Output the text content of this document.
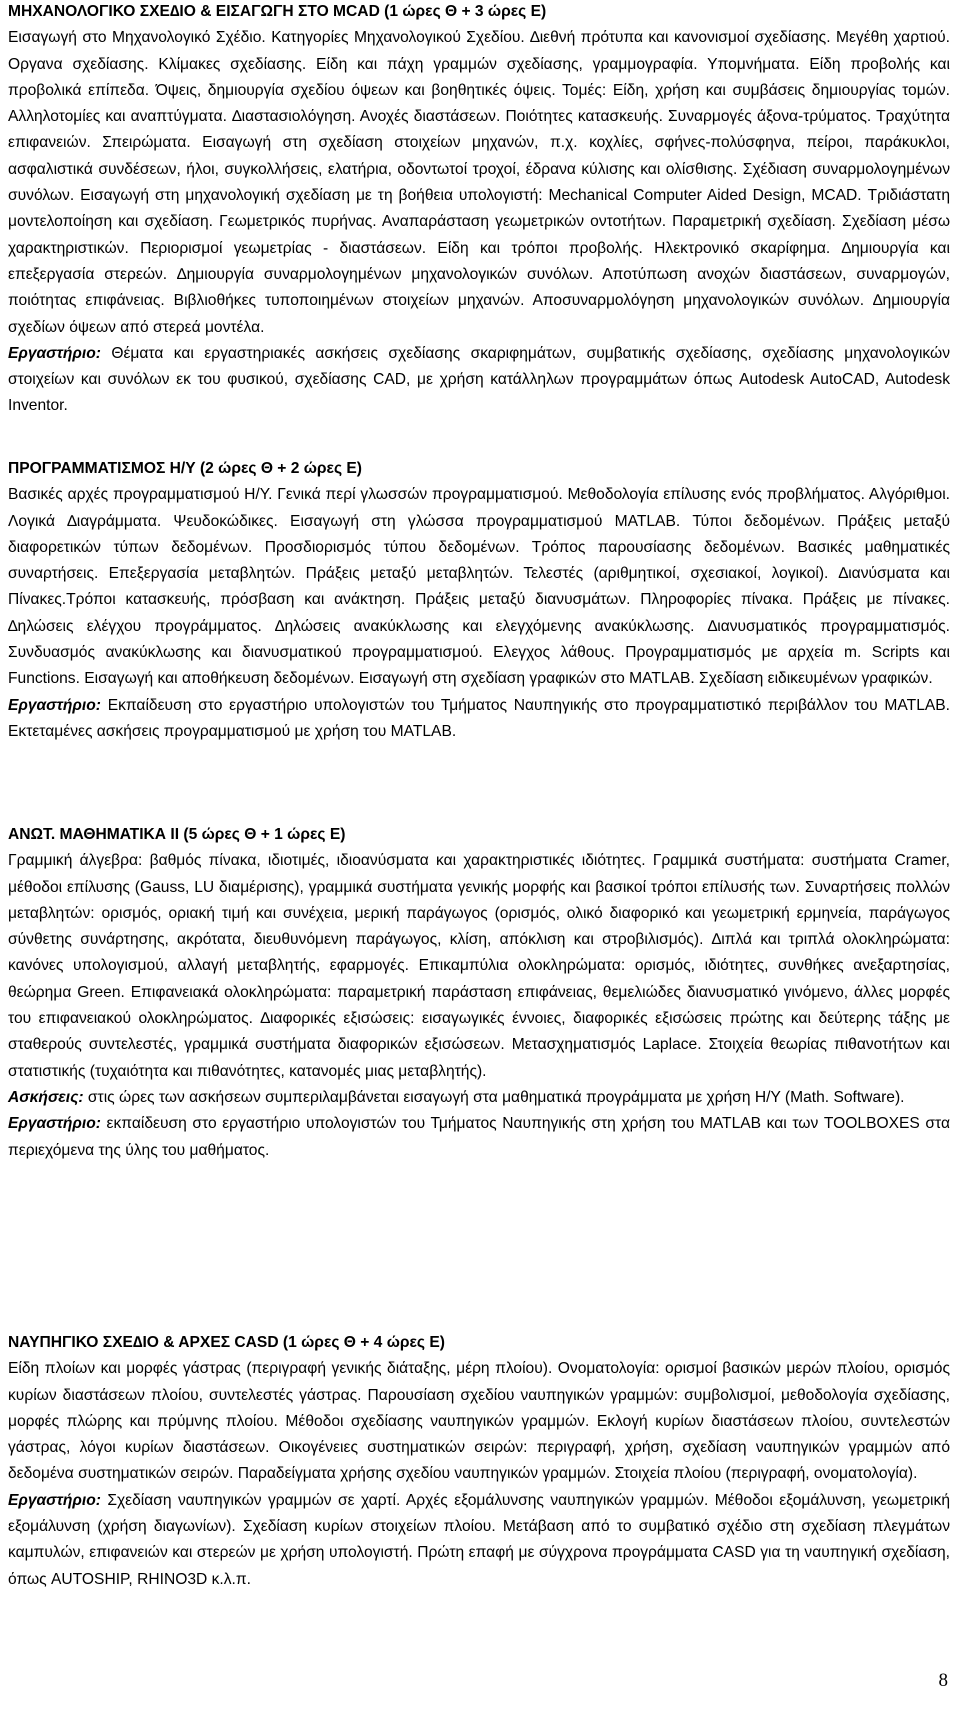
ΜΗΧΑΝΟΛΟΓΙΚΟ ΣΧΕ∆ΙΟ & ΕΙΣΑΓΩΓΗ ΣΤΟ MCAD (1 ώρες Θ + 3 ώρες Ε)
Εισαγωγή στο Μηχανολογικό Σχέδιο. Κατηγορίες Μηχανολογικού Σχεδίου. ∆ιεθνή πρότυπα και κανονισμοί σχεδίασης. Μεγέθη χαρτιού. Οργανα σχεδίασης. Κλίμακες σχεδίασης. Είδη και πάχη γραμμών σχεδίασης, γραμμογραφία. Υπομνήματα. Είδη προβολής και προβολικά επίπεδα. Όψεις, δημιουργία σχεδίου όψεων και βοηθητικές όψεις. Τομές: Είδη, χρήση και συμβάσεις δημιουργίας τομών. Αλληλοτομίες και αναπτύγματα. ∆ιαστασιολόγηση. Ανοχές διαστάσεων. Ποιότητες κατασκευής. Συναρμογές άξονα-τρύματος. Τραχύτητα επιφανειών. Σπειρώματα. Εισαγωγή στη σχεδίαση στοιχείων μηχανών, π.χ. κοχλίες, σφήνες-πολύσφηνα, πείροι, παράκυκλοι, ασφαλιστικά συνδέσεων, ήλοι, συγκολλήσεις, ελατήρια, οδοντωτοί τροχοί, έδρανα κύλισης και ολίσθισης. Σχέδιαση συναρμολογημένων συνόλων. Εισαγωγή στη μηχανολογική σχεδίαση με τη βοήθεια υπολογιστή: Mechanical Computer Aided Design, MCAD. Τριδιάστατη μοντελοποίηση και σχεδίαση. Γεωμετρικός πυρήνας. Αναπαράσταση γεωμετρικών οντοτήτων. Παραμετρική σχεδίαση. Σχεδίαση μέσω χαρακτηριστικών. Περιορισμοί γεωμετρίας - διαστάσεων. Είδη και τρόποι προβολής. Ηλεκτρονικό σκαρίφημα. ∆ημιουργία και επεξεργασία στερεών. ∆ημιουργία συναρμολογημένων μηχανολογικών συνόλων. Αποτύπωση ανοχών διαστάσεων, συναρμογών, ποιότητας επιφάνειας. Βιβλιοθήκες τυποποιημένων στοιχείων μηχανών. Αποσυναρμολόγηση μηχανολογικών συνόλων. ∆ημιουργία σχεδίων όψεων από στερεά μοντέλα.
Εργαστήριο: Θέματα και εργαστηριακές ασκήσεις σχεδίασης σκαριφημάτων, συμβατικής σχεδίασης, σχεδίασης μηχανολογικών στοιχείων και συνόλων εκ του φυσικού, σχεδίασης CAD, με χρήση κατάλληλων προγραμμάτων όπως Autodesk AutoCAD, Autodesk Inventor.
ΠΡΟΓΡΑΜΜΑΤΙΣΜΟΣ Η/Υ (2 ώρες Θ + 2 ώρες Ε)
Βασικές αρχές προγραμματισμού Η/Υ. Γενικά περί γλωσσών προγραμματισμού. Μεθοδολογία επίλυσης ενός προβλήματος. Αλγόριθμοι. Λογικά ∆ιαγράμματα. Ψευδοκώδικες. Εισαγωγή στη γλώσσα προγραμματισμού MATLAB. Τύποι δεδομένων. Πράξεις μεταξύ διαφορετικών τύπων δεδομένων. Προσδιορισμός τύπου δεδομένων. Τρόπος παρουσίασης δεδομένων. Βασικές μαθηματικές συναρτήσεις. Επεξεργασία μεταβλητών. Πράξεις μεταξύ μεταβλητών. Τελεστές (αριθμητικοί, σχεσιακοί, λογικοί). ∆ιανύσματα και Πίνακες.Τρόποι κατασκευής, πρόσβαση και ανάκτηση. Πράξεις μεταξύ διανυσμάτων. Πληροφορίες πίνακα. Πράξεις με πίνακες. ∆ηλώσεις ελέγχου προγράμματος. ∆ηλώσεις ανακύκλωσης και ελεγχόμενης ανακύκλωσης. ∆ιανυσματικός προγραμματισμός. Συνδυασμός ανακύκλωσης και διανυσματικού προγραμματισμού. Ελεγχος λάθους. Προγραμματισμός με αρχεία m. Scripts και Functions. Εισαγωγή και αποθήκευση δεδομένων. Εισαγωγή στη σχεδίαση γραφικών στο MATLAB. Σχεδίαση ειδικευμένων γραφικών.
Εργαστήριο: Εκπαίδευση στο εργαστήριο υπολογιστών του Τμήματος Ναυπηγικής στο προγραμματιστικό περιβάλλον του MATLAB. Εκτεταμένες ασκήσεις προγραμματισμού με χρήση του MATLAB.
ΑΝΩΤ. ΜΑΘΗΜΑΤΙΚΑ ΙΙ (5 ώρες Θ + 1 ώρες Ε)
Γραμμική άλγεβρα: βαθμός πίνακα, ιδιοτιμές, ιδιοανύσματα και χαρακτηριστικές ιδιότητες. Γραμμικά συστήματα: συστήματα Cramer, μέθοδοι επίλυσης (Gauss, LU διαμέρισης), γραμμικά συστήματα γενικής μορφής και βασικοί τρόποι επίλυσής των. Συναρτήσεις πολλών μεταβλητών: ορισμός, οριακή τιμή και συνέχεια, μερική παράγωγος (ορισμός, ολικό διαφορικό και γεωμετρική ερμηνεία, παράγωγος σύνθετης συνάρτησης, ακρότατα, διευθυνόμενη παράγωγος, κλίση, απόκλιση και στροβιλισμός). ∆ιπλά και τριπλά ολοκληρώματα: κανόνες υπολογισμού, αλλαγή μεταβλητής, εφαρμογές. Επικαμπύλια ολοκληρώματα: ορισμός, ιδιότητες, συνθήκες ανεξαρτησίας, θεώρημα Green. Επιφανειακά ολοκληρώματα: παραμετρική παράσταση επιφάνειας, θεμελιώδες διανυσματικό γινόμενο, άλλες μορφές του επιφανειακού ολοκληρώματος. ∆ιαφορικές εξισώσεις: εισαγωγικές έννοιες, διαφορικές εξισώσεις πρώτης και δεύτερης τάξης με σταθερούς συντελεστές, γραμμικά συστήματα διαφορικών εξισώσεων. Μετασχηματισμός Laplace. Στοιχεία θεωρίας πιθανοτήτων και στατιστικής (τυχαιότητα και πιθανότητες, κατανομές μιας μεταβλητής).
Ασκήσεις: στις ώρες των ασκήσεων συμπεριλαμβάνεται εισαγωγή στα μαθηματικά προγράμματα με χρήση Η/Υ (Math. Software).
Εργαστήριο: εκπαίδευση στο εργαστήριο υπολογιστών του Τμήματος Ναυπηγικής στη χρήση του MATLAB και των TOOLBOXES στα περιεχόμενα της ύλης του μαθήματος.
ΝΑΥΠΗΓΙΚΟ ΣΧΕ∆ΙΟ & ΑΡΧΕΣ CASD (1 ώρες Θ + 4 ώρες Ε)
Είδη πλοίων και μορφές γάστρας (περιγραφή γενικής διάταξης, μέρη πλοίου). Ονοματολογία: ορισμοί βασικών μερών πλοίου, ορισμός κυρίων διαστάσεων πλοίου, συντελεστές γάστρας. Παρουσίαση σχεδίου ναυπηγικών γραμμών: συμβολισμοί, μεθοδολογία σχεδίασης, μορφές πλώρης και πρύμνης πλοίου. Μέθοδοι σχεδίασης ναυπηγικών γραμμών. Εκλογή κυρίων διαστάσεων πλοίου, συντελεστών γάστρας, λόγοι κυρίων διαστάσεων. Οικογένειες συστηματικών σειρών: περιγραφή, χρήση, σχεδίαση ναυπηγικών γραμμών από δεδομένα συστηματικών σειρών. Παραδείγματα χρήσης σχεδίου ναυπηγικών γραμμών. Στοιχεία πλοίου (περιγραφή, ονοματολογία).
Εργαστήριο: Σχεδίαση ναυπηγικών γραμμών σε χαρτί. Αρχές εξομάλυνσης ναυπηγικών γραμμών. Μέθοδοι εξομάλυνση, γεωμετρική εξομάλυνση (χρήση διαγωνίων). Σχεδίαση κυρίων στοιχείων πλοίου. Μετάβαση από το συμβατικό σχέδιο στη σχεδίαση πλεγμάτων καμπυλών, επιφανειών και στερεών με χρήση υπολογιστή. Πρώτη επαφή με σύγχρονα προγράμματα CASD για τη ναυπηγική σχεδίαση, όπως AUTOSHIP, RHINO3D κ.λ.π.
8
